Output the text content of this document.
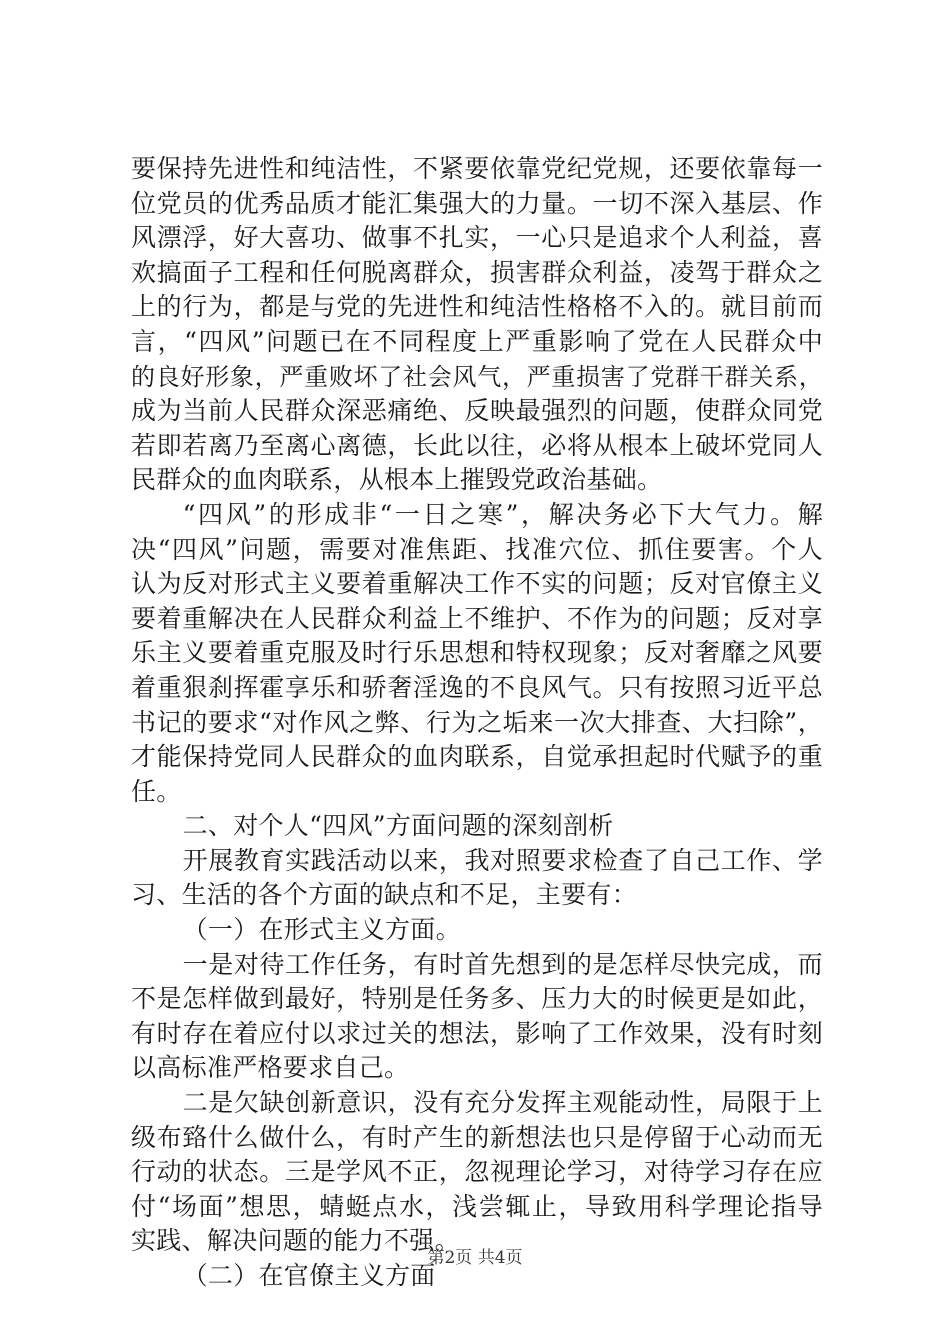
要保持先进性和纯洁性，不紧要依靠党纪党规，还要依靠每一
位党员的优秀品质才能汇集强大的力量。一切不深入基层、作
风漂浮，好大喜功、做事不扎实，一心只是追求个人利益，喜
欢搞面子工程和任何脱离群众，损害群众利益，凌驾于群众之
上的行为，都是与党的先进性和纯洁性格格不入的。就目前而
言，“四风”问题已在不同程度上严重影响了党在人民群众中
的良好形象，严重败坏了社会风气，严重损害了党群干群关系，
成为当前人民群众深恶痛绝、反映最强烈的问题，使群众同党
若即若离乃至离心离德，长此以往，必将从根本上破坏党同人
民群众的血肉联系，从根本上摧毁党政治基础。
“四风”的形成非“一日之寒”，解决务必下大气力。解
决“四风”问题，需要对准焦距、找准穴位、抓住要害。个人
认为反对形式主义要着重解决工作不实的问题；反对官僚主义
要着重解决在人民群众利益上不维护、不作为的问题；反对享
乐主义要着重克服及时行乐思想和特权现象；反对奢靡之风要
着重狠刹挥霍享乐和骄奢淫逸的不良风气。只有按照习近平总
书记的要求“对作风之弊、行为之垢来一次大排查、大扫除”，
才能保持党同人民群众的血肉联系，自觉承担起时代赋予的重
任。
二、对个人“四风”方面问题的深刻剖析
开展教育实践活动以来，我对照要求检查了自己工作、学
习、生活的各个方面的缺点和不足，主要有：
（一）在形式主义方面。
一是对待工作任务，有时首先想到的是怎样尽快完成，而
不是怎样做到最好，特别是任务多、压力大的时候更是如此，
有时存在着应付以求过关的想法，影响了工作效果，没有时刻
以高标准严格要求自己。
二是欠缺创新意识，没有充分发挥主观能动性，局限于上
级布臵什么做什么，有时产生的新想法也只是停留于心动而无
行动的状态。三是学风不正，忽视理论学习，对待学习存在应
付“场面”想思，蜻蜓点水，浅尝辄止，导致用科学理论指导
实践、解决问题的能力不强。
（二）在官僚主义方面
第2页 共4页
